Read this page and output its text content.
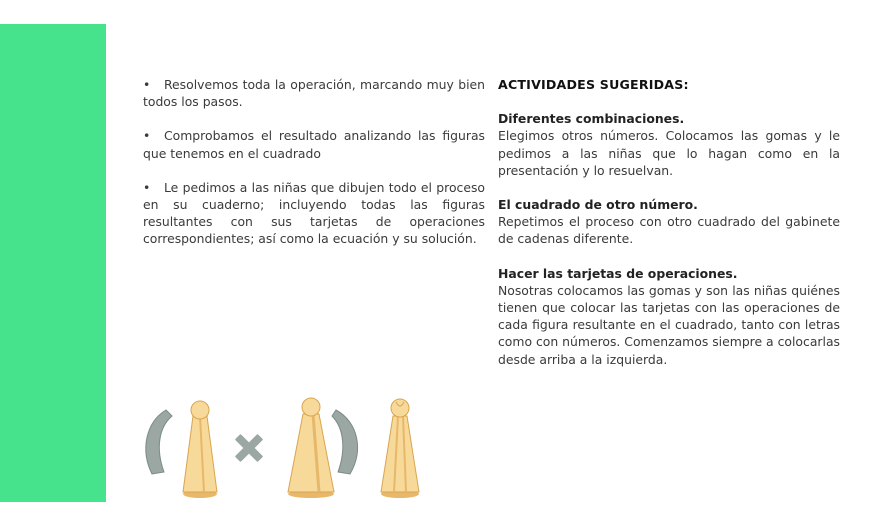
• Resolvemos toda la operación, marcando muy bien todos los pasos.

• Comprobamos el resultado analizando las figuras que tenemos en el cuadrado

• Le pedimos a las niñas que dibujen todo el proceso en su cuaderno; incluyendo todas las figuras resultantes con sus tarjetas de operaciones correspondientes; así como la ecuación y su solución.

ACTIVIDADES SUGERIDAS:
Diferentes combinaciones.

Elegimos otros números. Colocamos las gomas y le pedimos a las niñas que lo hagan como en la presentación y lo resuelvan.

El cuadrado de otro número.

Repetimos el proceso con otro cuadrado del gabinete de cadenas diferente.

Hacer las tarjetas de operaciones.

Nosotras colocamos las gomas y son las niñas quiénes tienen que colocar las tarjetas con las operaciones de cada figura resultante en el cuadrado, tanto con letras como con números. Comenzamos siempre a colocarlas desde arriba a la izquierda.
